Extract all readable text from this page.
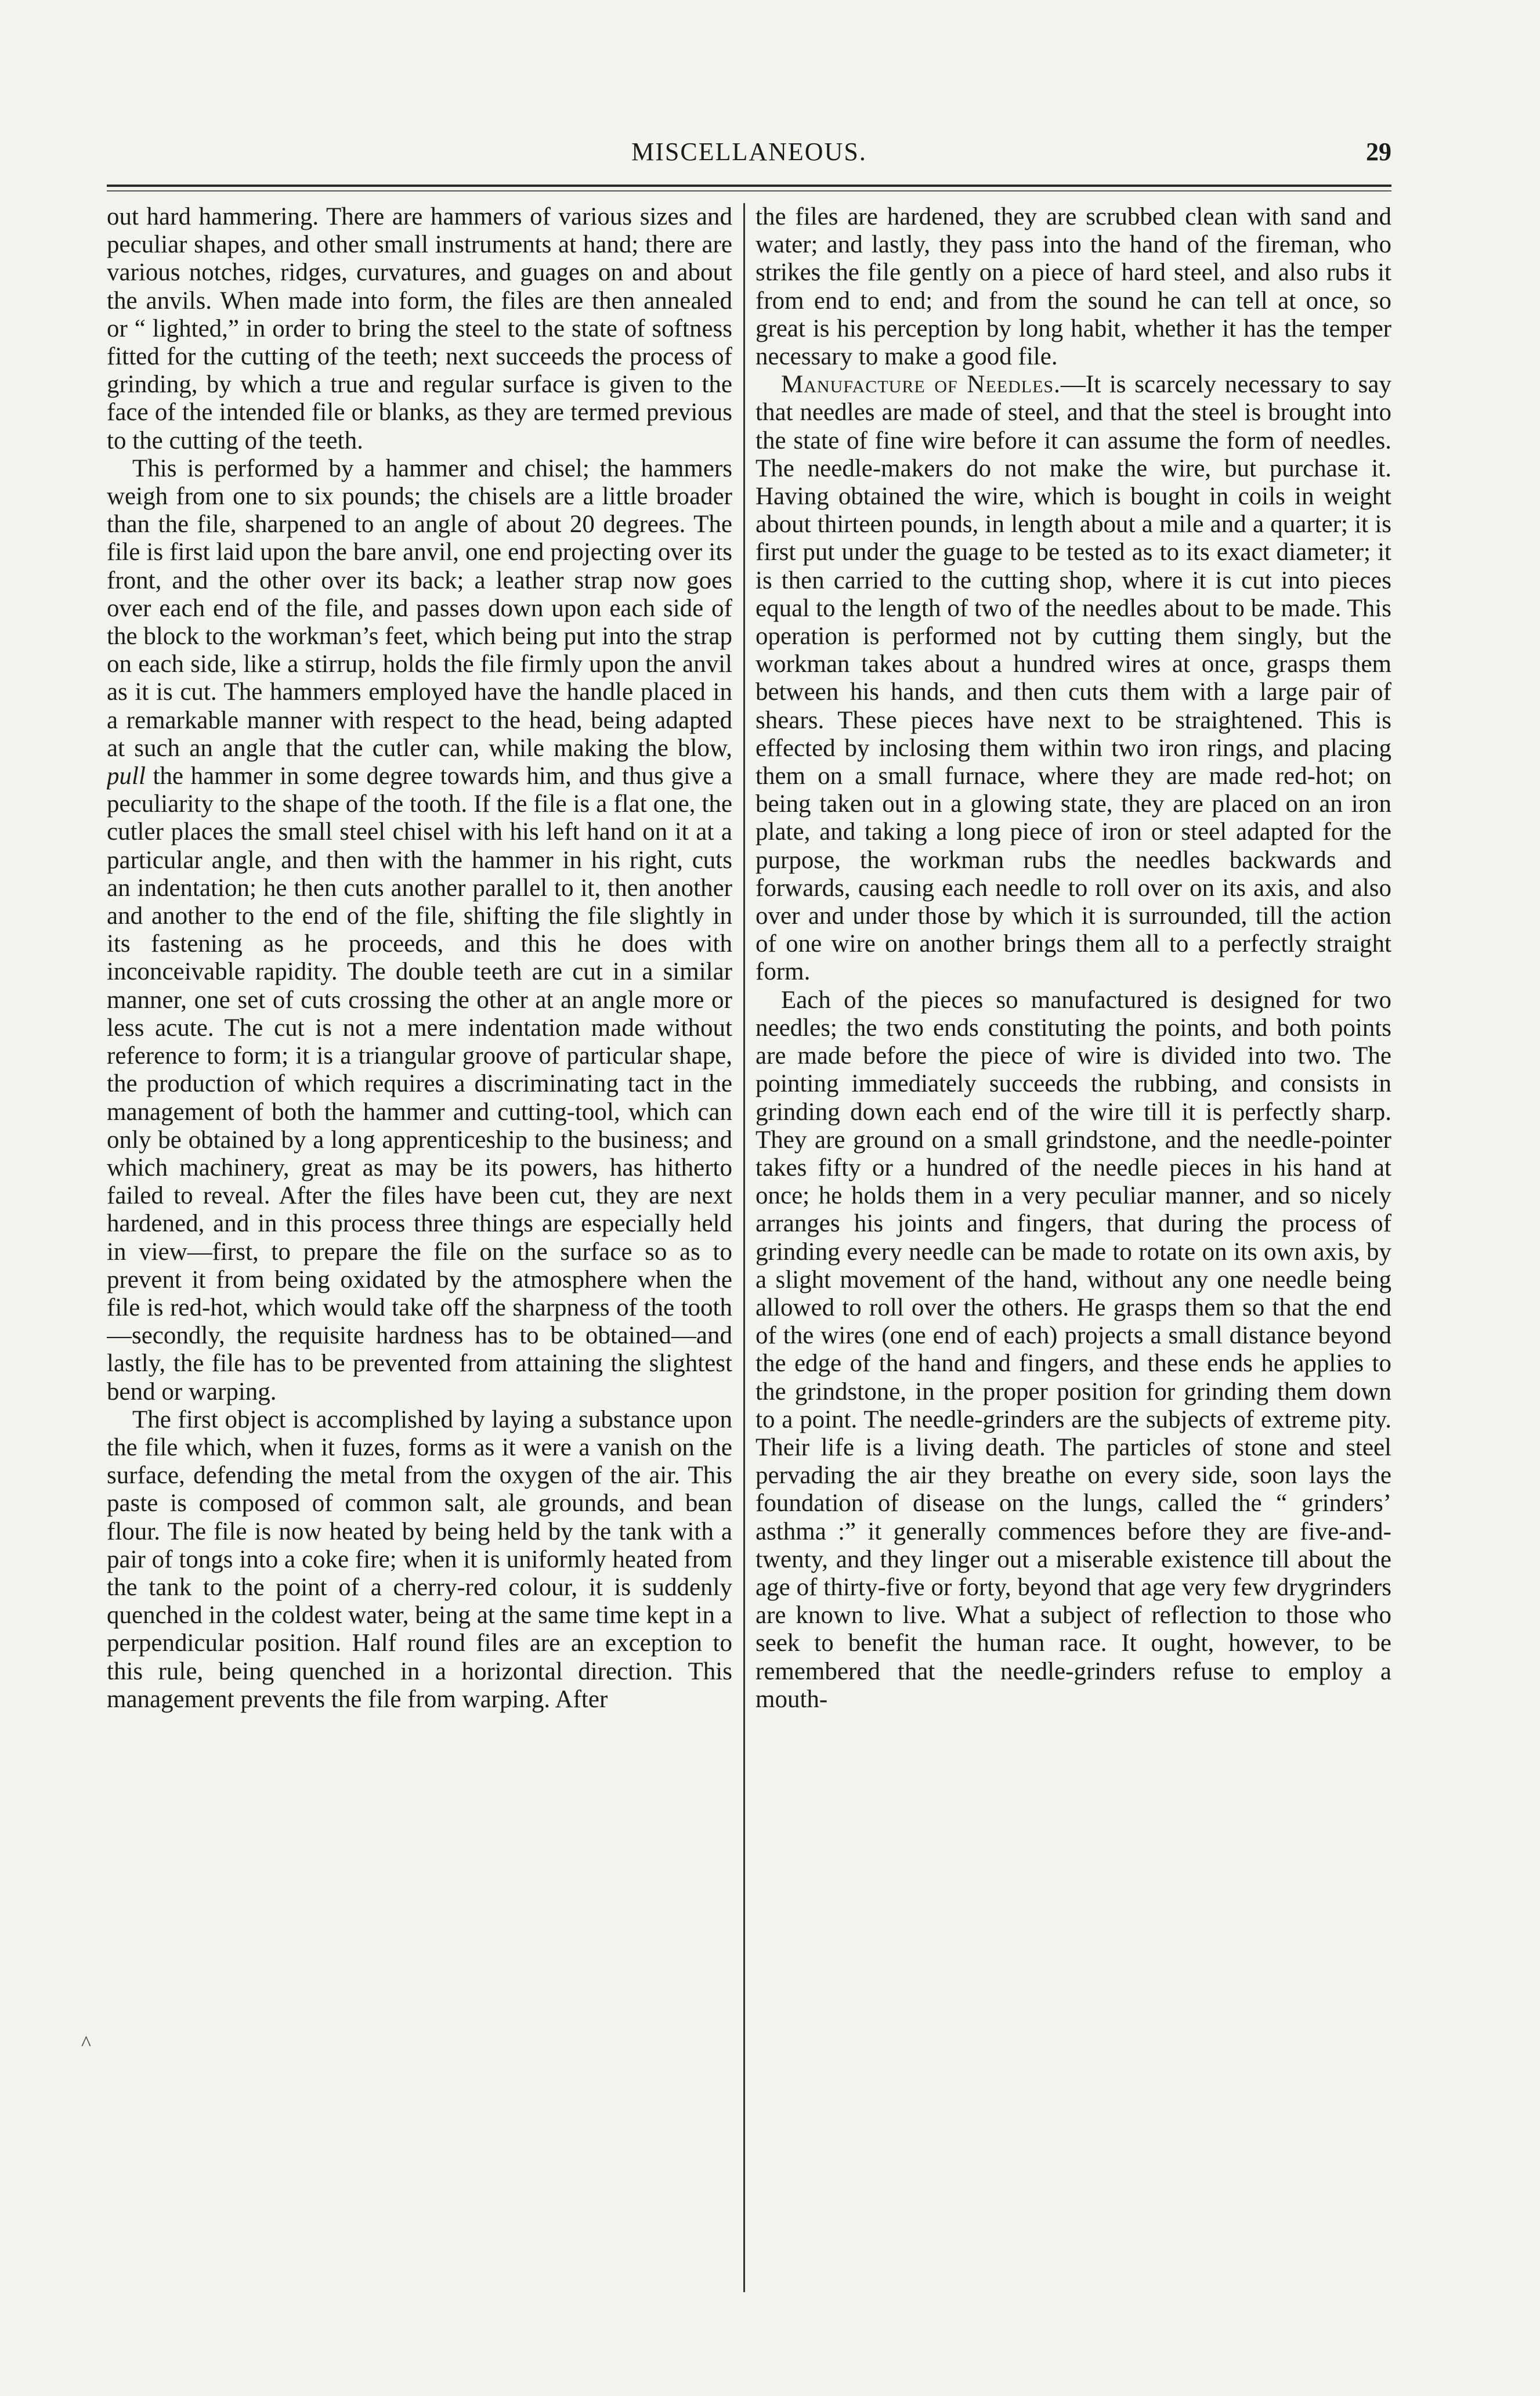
MISCELLANEOUS.	29

out hard hammering. There are hammers of various sizes and peculiar shapes, and other small instruments at hand; there are various notches, ridges, curvatures, and guages on and about the anvils. When made into form, the files are then annealed or “ lighted,” in order to bring the steel to the state of softness fitted for the cutting of the teeth; next succeeds the process of grinding, by which a true and regular surface is given to the face of the intended file or blanks, as they are termed previous to the cutting of the teeth.

This is performed by a hammer and chisel; the hammers weigh from one to six pounds; the chisels are a little broader than the file, sharpened to an angle of about 20 degrees. The file is first laid upon the bare anvil, one end projecting over its front, and the other over its back; a leather strap now goes over each end of the file, and passes down upon each side of the block to the workman’s feet, which being put into the strap on each side, like a stirrup, holds the file firmly upon the anvil as it is cut. The hammers employed have the handle placed in a remarkable manner with respect to the head, being adapted at such an angle that the cutler can, while making the blow, pull the hammer in some degree towards him, and thus give a peculiarity to the shape of the tooth. If the file is a flat one, the cutler places the small steel chisel with his left hand on it at a particular angle, and then with the hammer in his right, cuts an indentation; he then cuts another parallel to it, then another and another to the end of the file, shifting the file slightly in its fastening as he proceeds, and this he does with inconceivable rapidity. The double teeth are cut in a similar manner, one set of cuts crossing the other at an angle more or less acute. The cut is not a mere indentation made without reference to form; it is a triangular groove of particular shape, the production of which requires a discriminating tact in the management of both the hammer and cutting-tool, which can only be obtained by a long apprenticeship to the business; and which machinery, great as may be its powers, has hitherto failed to reveal. After the files have been cut, they are next hardened, and in this process three things are especially held in view—first, to prepare the file on the surface so as to prevent it from being oxidated by the atmosphere when the file is red-hot, which would take off the sharpness of the tooth—secondly, the requisite hardness has to be obtained—and lastly, the file has to be prevented from attaining the slightest bend or warping.

The first object is accomplished by laying a substance upon the file which, when it fuzes, forms as it were a vanish on the surface, defending the metal from the oxygen of the air. This paste is composed of common salt, ale grounds, and bean flour. The file is now heated by being held by the tank with a pair of tongs into a coke fire; when it is uniformly heated from the tank to the point of a cherry-red colour, it is suddenly quenched in the coldest water, being at the same time kept in a perpendicular position. Half round files are an exception to this rule, being quenched in a horizontal direction. This management prevents the file from warping. After

the files are hardened, they are scrubbed clean with sand and water; and lastly, they pass into the hand of the fireman, who strikes the file gently on a piece of hard steel, and also rubs it from end to end; and from the sound he can tell at once, so great is his perception by long habit, whether it has the temper necessary to make a good file.

Manufacture of Needles.—It is scarcely necessary to say that needles are made of steel, and that the steel is brought into the state of fine wire before it can assume the form of needles. The needle-makers do not make the wire, but purchase it. Having obtained the wire, which is bought in coils in weight about thirteen pounds, in length about a mile and a quarter; it is first put under the guage to be tested as to its exact diameter; it is then carried to the cutting shop, where it is cut into pieces equal to the length of two of the needles about to be made. This operation is performed not by cutting them singly, but the workman takes about a hundred wires at once, grasps them between his hands, and then cuts them with a large pair of shears. These pieces have next to be straightened. This is effected by inclosing them within two iron rings, and placing them on a small furnace, where they are made red-hot; on being taken out in a glowing state, they are placed on an iron plate, and taking a long piece of iron or steel adapted for the purpose, the workman rubs the needles backwards and forwards, causing each needle to roll over on its axis, and also over and under those by which it is surrounded, till the action of one wire on another brings them all to a perfectly straight form.

Each of the pieces so manufactured is designed for two needles; the two ends constituting the points, and both points are made before the piece of wire is divided into two. The pointing immediately succeeds the rubbing, and consists in grinding down each end of the wire till it is perfectly sharp. They are ground on a small grindstone, and the needle-pointer takes fifty or a hundred of the needle pieces in his hand at once; he holds them in a very peculiar manner, and so nicely arranges his joints and fingers, that during the process of grinding every needle can be made to rotate on its own axis, by a slight movement of the hand, without any one needle being allowed to roll over the others. He grasps them so that the end of the wires (one end of each) projects a small distance beyond the edge of the hand and fingers, and these ends he applies to the grindstone, in the proper position for grinding them down to a point. The needle-grinders are the subjects of extreme pity. Their life is a living death. The particles of stone and steel pervading the air they breathe on every side, soon lays the foundation of disease on the lungs, called the “ grinders’ asthma :” it generally commences before they are five-and-twenty, and they linger out a miserable existence till about the age of thirty-five or forty, beyond that age very few drygrinders are known to live. What a subject of reflection to those who seek to benefit the human race. It ought, however, to be remembered that the needle-grinders refuse to employ a mouth-

^
